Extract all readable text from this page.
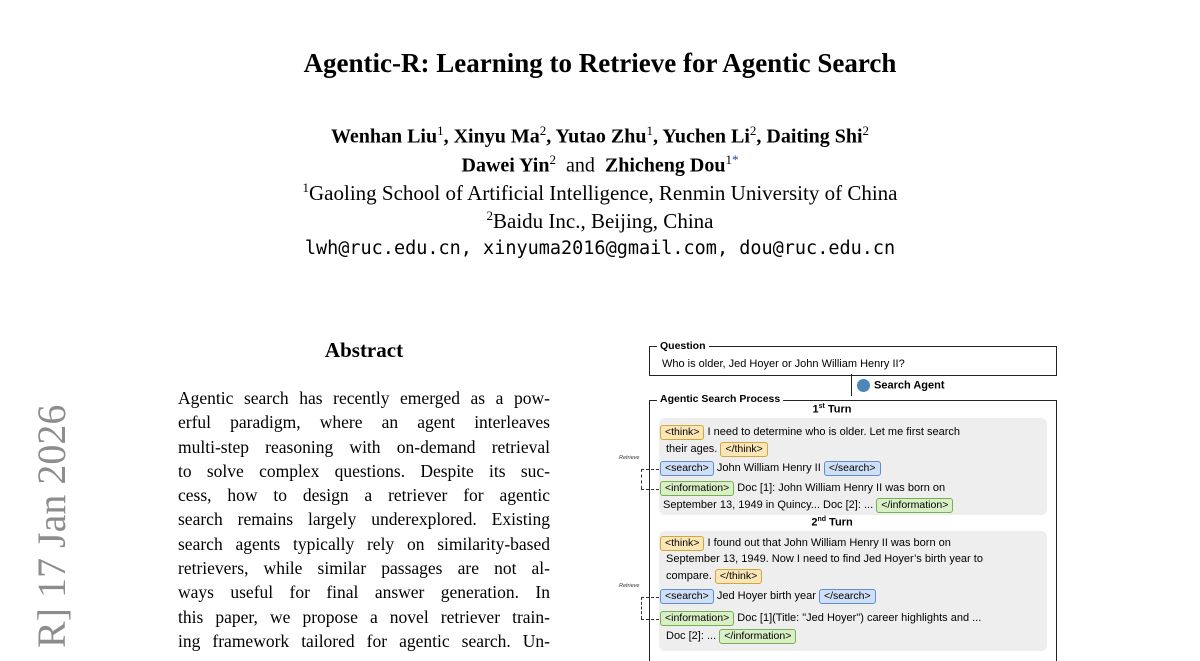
Agentic-R: Learning to Retrieve for Agentic Search
Wenhan Liu$^1$, Xinyu Ma$^2$, Yutao Zhu$^1$, Yuchen Li$^2$, Daiting Shi$^2$
Dawei Yin$^2$ and Zhicheng Dou$^{1*}$
$^1$Gaoling School of Artificial Intelligence, Renmin University of China
$^2$Baidu Inc., Beijing, China
lwh@ruc.edu.cn, xinyuma2016@gmail.com, dou@ruc.edu.cn
R] 17 Jan 2026
Abstract
Agentic search has recently emerged as a pow-
erful paradigm, where an agent interleaves
multi-step reasoning with on-demand retrieval
to solve complex questions. Despite its suc-
cess, how to design a retriever for agentic
search remains largely underexplored. Existing
search agents typically rely on similarity-based
retrievers, while similar passages are not al-
ways useful for final answer generation. In
this paper, we propose a novel retriever train-
ing framework tailored for agentic search. Un-
Question
Who is older, Jed Hoyer or John William Henry II?
Search Agent
Agentic Search Process
1st Turn
<think> I need to determine who is older. Let me first search
their ages. </think>
<search> John William Henry II </search>
<information> Doc [1]: John William Henry II was born on
September 13, 1949 in Quincy... Doc [2]: ... </information>
Retrieve
2nd Turn
<think> I found out that John William Henry II was born on
September 13, 1949. Now I need to find Jed Hoyer’s birth year to
compare. </think>
<search> Jed Hoyer birth year </search>
<information> Doc [1](Title: "Jed Hoyer") career highlights and ...
Doc [2]: ... </information>
Retrieve
